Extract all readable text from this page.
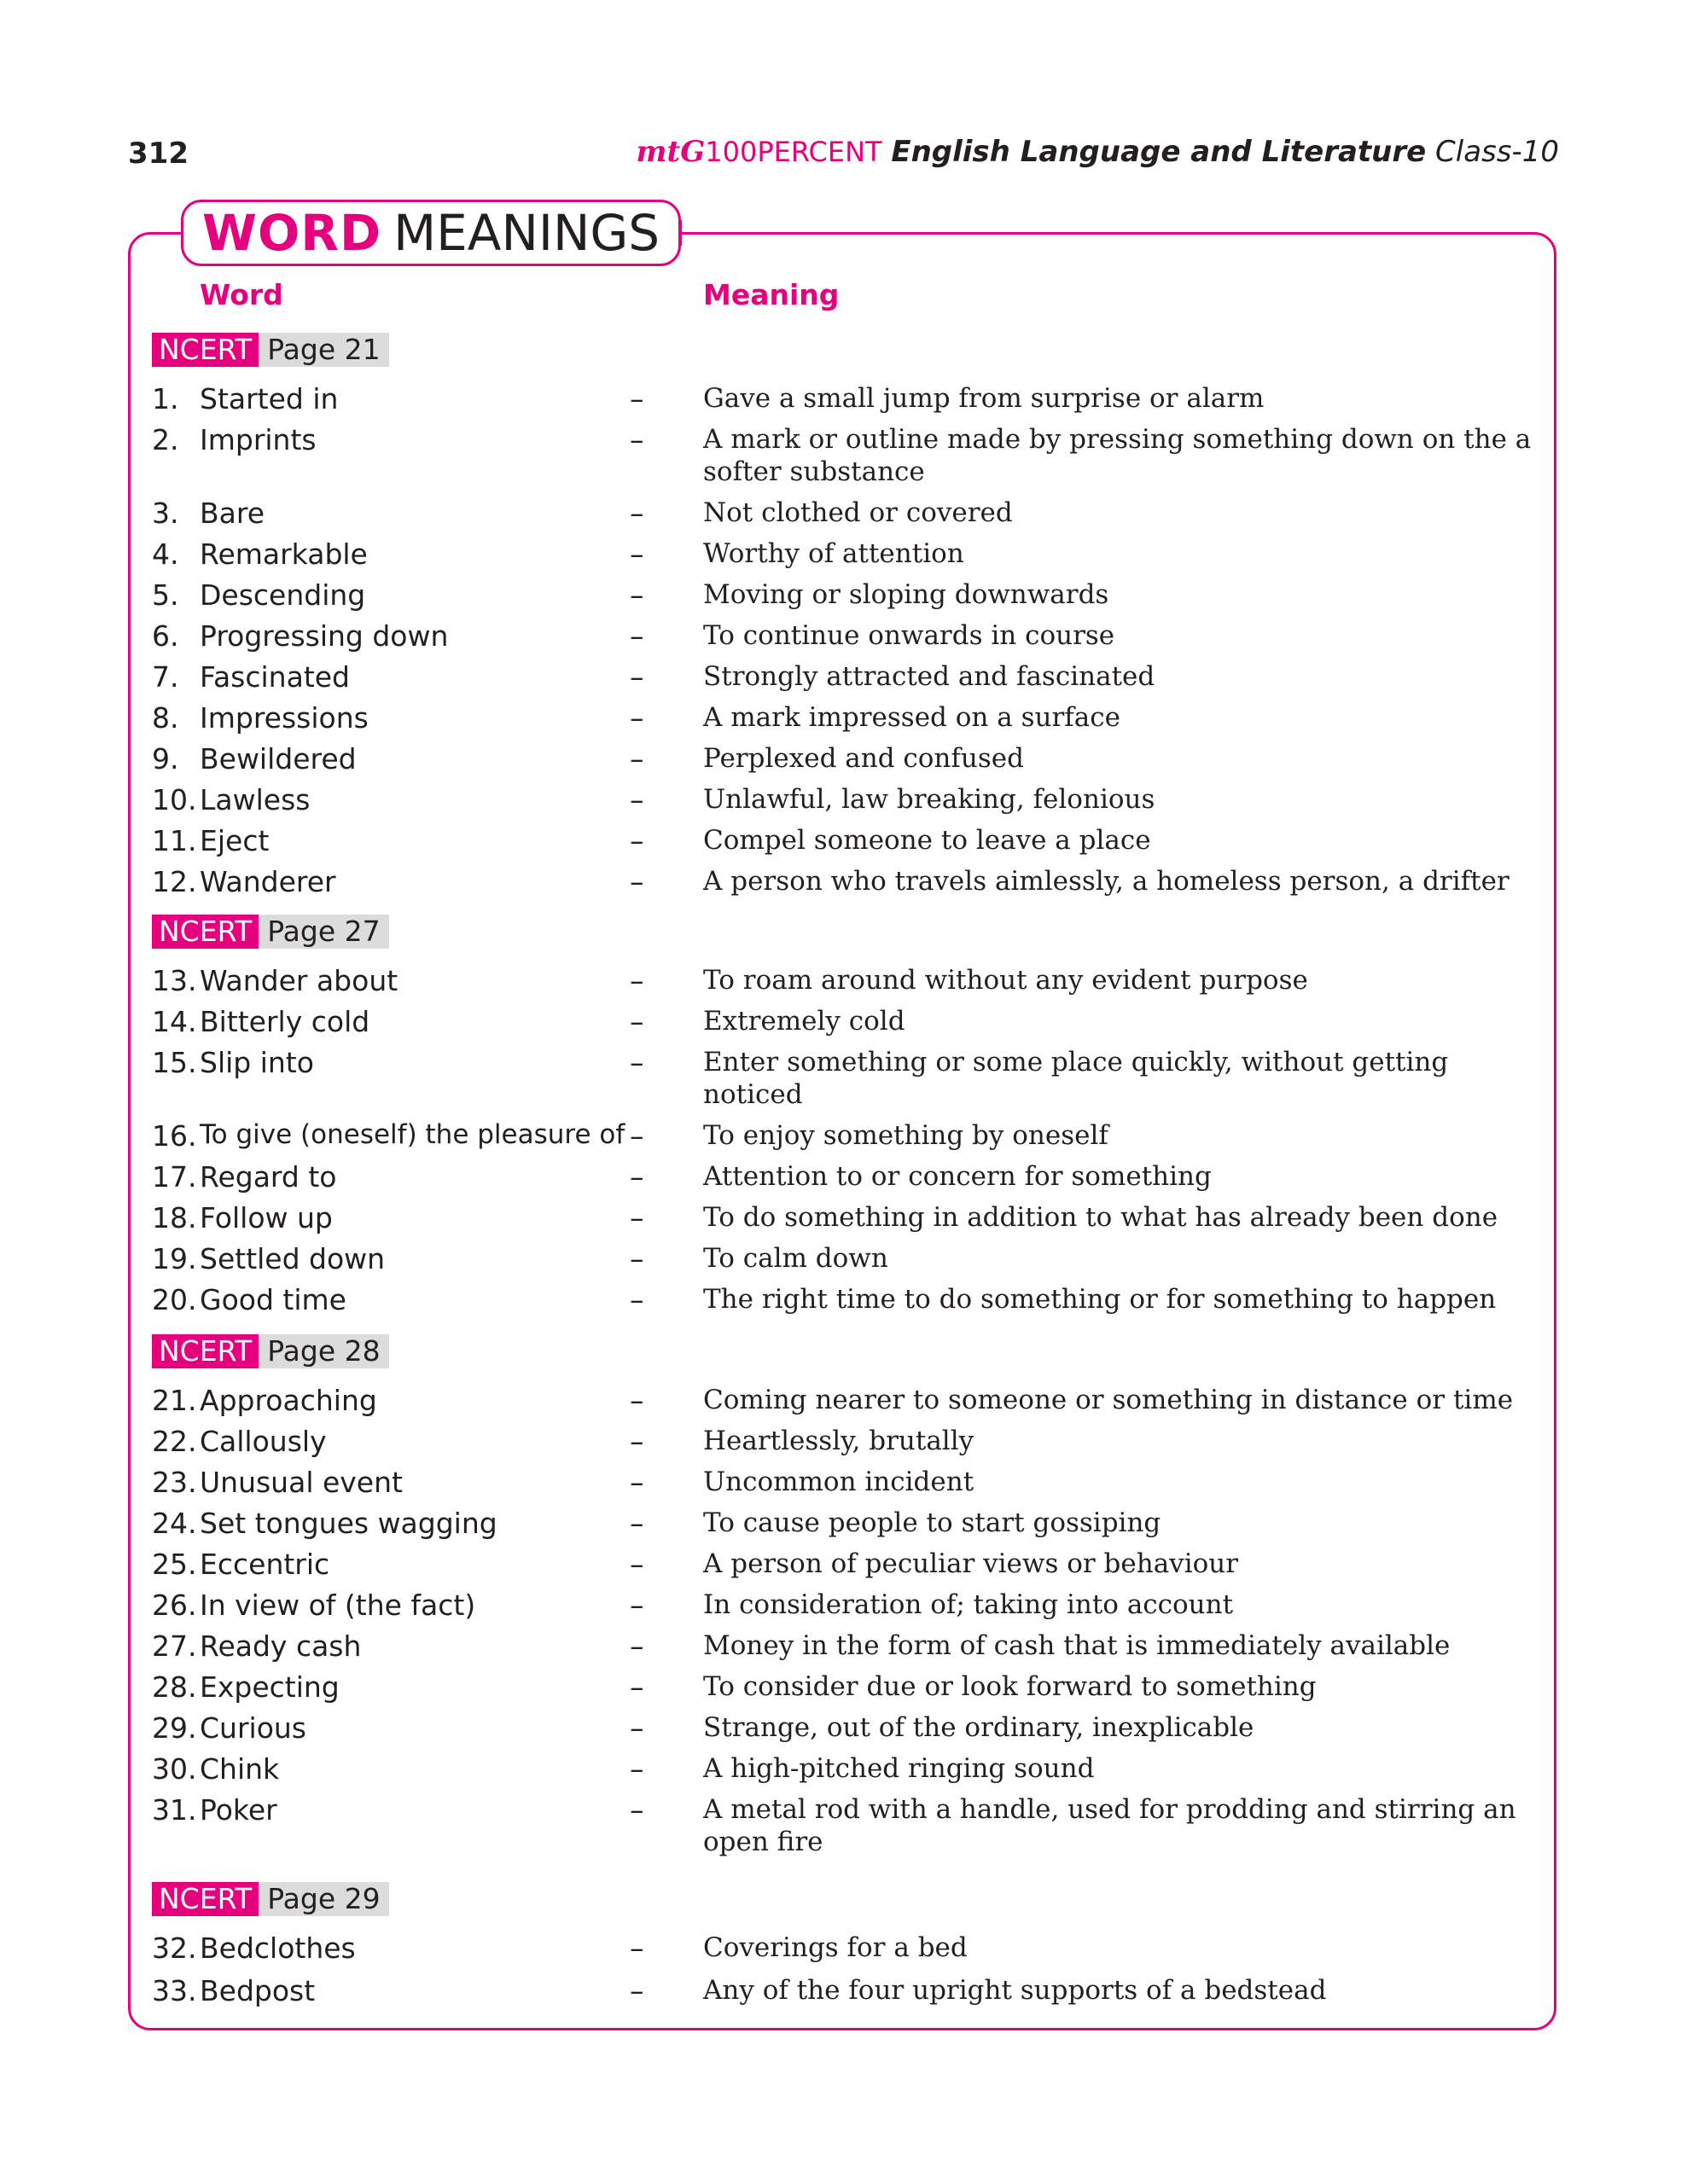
312	mtG100PERCENT English Language and Literature Class-10
WORD MEANINGS
Word	Meaning
NCERT Page 21
NCERT Page 27
NCERT Page 28
NCERT Page 29
1. Started in	– Gave a small jump from surprise or alarm
2. Imprints	– A mark or outline made by pressing something down on the a softer substance
3. Bare	– Not clothed or covered
4. Remarkable	– Worthy of attention
5. Descending	– Moving or sloping downwards
6. Progressing down	– To continue onwards in course
7. Fascinated	– Strongly attracted and fascinated
8. Impressions	– A mark impressed on a surface
9. Bewildered	– Perplexed and confused
10. Lawless	– Unlawful, law breaking, felonious
11. Eject	– Compel someone to leave a place
12. Wanderer	– A person who travels aimlessly, a homeless person, a drifter
13. Wander about	– To roam around without any evident purpose
14. Bitterly cold	– Extremely cold
15. Slip into	– Enter something or some place quickly, without getting noticed
16. To give (oneself) the pleasure of – To enjoy something by oneself
17. Regard to	– Attention to or concern for something
18. Follow up	– To do something in addition to what has already been done
19. Settled down	– To calm down
20. Good time	– The right time to do something or for something to happen
21. Approaching	– Coming nearer to someone or something in distance or time
22. Callously	– Heartlessly, brutally
23. Unusual event	– Uncommon incident
24. Set tongues wagging	– To cause people to start gossiping
25. Eccentric	– A person of peculiar views or behaviour
26. In view of (the fact)	– In consideration of; taking into account
27. Ready cash	– Money in the form of cash that is immediately available
28. Expecting	– To consider due or look forward to something
29. Curious	– Strange, out of the ordinary, inexplicable
30. Chink	– A high-pitched ringing sound
31. Poker	– A metal rod with a handle, used for prodding and stirring an open fire
32. Bedclothes	– Coverings for a bed
33. Bedpost	– Any of the four upright supports of a bedstead
